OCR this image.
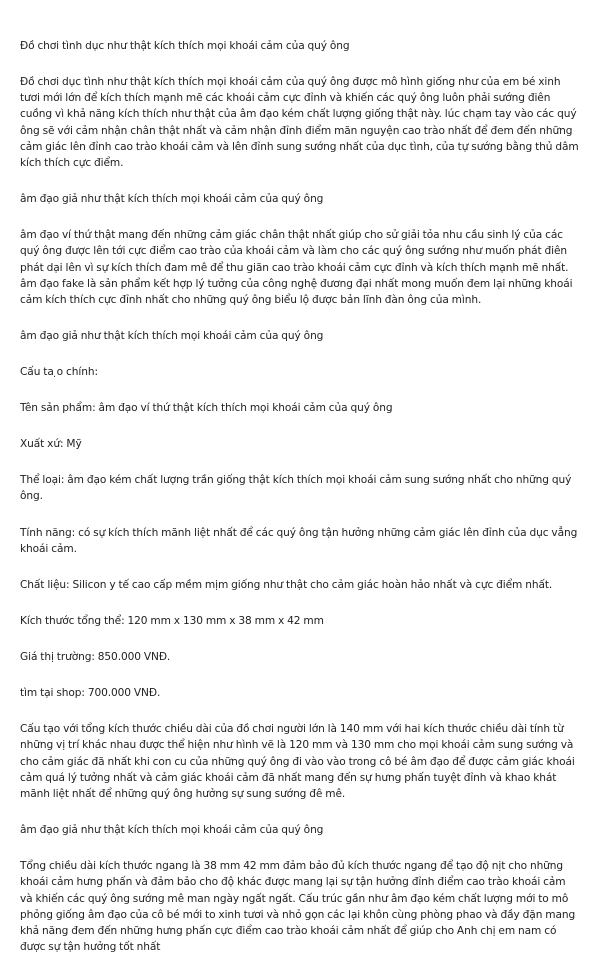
Đồ chơi tình dục như thật kích thích mọi khoái cảm của quý ông

Đồ chơi dục tình như thật kích thích mọi khoái cảm của quý ông được mô hình giống như của em bé xinh tươi mới lớn để kích thích mạnh mẽ các khoái cảm cực đỉnh và khiến các quý ông luôn phải sướng điên cuồng vì khả năng kích thích như thật của âm đạo kém chất lượng giống thật này. lúc chạm tay vào các quý ông sẽ với cảm nhận chân thật nhất và cảm nhận đỉnh điểm mãn nguyện cao trào nhất để đem đến những cảm giác lên đỉnh cao trào khoái cảm và lên đỉnh sung sướng nhất của dục tình, của tự sướng bằng thủ dâm kích thích cực điểm.

âm đạo giả như thật kích thích mọi khoái cảm của quý ông

âm đạo ví thứ thật mang đến những cảm giác chân thật nhất giúp cho sử giải tỏa nhu cầu sinh lý của các quý ông được lên tới cực điểm cao trào của khoái cảm và làm cho các quý ông sướng như muốn phát điên phát dại lên vì sự kích thích đam mê để thu giãn cao trào khoái cảm cực đỉnh và kích thích mạnh mẽ nhất. âm đạo fake là sản phẩm kết hợp lý tưởng của công nghệ đương đại nhất mong muốn đem lại những khoái cảm kích thích cực đỉnh nhất cho những quý ông biểu lộ được bản lĩnh đàn ông của mình.

âm đạo giả như thật kích thích mọi khoái cảm của quý ông

Cấu ta ̣o chính:

Tên sản phẩm: âm đạo ví thứ thật kích thích mọi khoái cảm của quý ông

Xuất xứ: Mỹ

Thể loại: âm đạo kém chất lượng trần giống thật kích thích mọi khoái cảm sung sướng nhất cho những quý ông.

Tính năng: có sự kích thích mãnh liệt nhất để các quý ông tận hưởng những cảm giác lên đỉnh của dục vẳng khoái cảm.

Chất liệu: Silicon y tế cao cấp mềm mịm giống như thật cho cảm giác hoàn hảo nhất và cực điểm nhất.

Kích thước tổng thể: 120 mm x 130 mm x 38 mm x 42 mm

Giá thị trường: 850.000 VNĐ.

tìm tại shop: 700.000 VNĐ.

Cấu tạo với tổng kích thước chiều dài của đồ chơi người lớn là 140 mm với hai kích thước chiều dài tính từ những vị trí khác nhau được thể hiện như hình vẽ là 120 mm và 130 mm cho mọi khoái cảm sung sướng và cho cảm giác đã nhất khi con cu của những quý ông đi vào vào trong cô bé âm đạo để được cảm giác khoái cảm quá lý tưởng nhất và cảm giác khoái cảm đã nhất mang đến sự hưng phấn tuyệt đỉnh và khao khát mãnh liệt nhất để những quý ông hưởng sự sung sướng đê mê.

âm đạo giả như thật kích thích mọi khoái cảm của quý ông

Tổng chiều dài kích thước ngang là 38 mm 42 mm đảm bảo đủ kích thước ngang để tạo độ nịt cho những khoái cảm hưng phấn và đảm bảo cho độ khác được mang lại sự tận hưởng đỉnh điểm cao trào khoái cảm và khiến các quý ông sướng mê man ngày ngất ngất. Cấu trúc gần như âm đạo kém chất lượng mới to mô phỏng giống âm đạo của cô bé mới to xinh tươi và nhỏ gọn các lại khôn cùng phòng phao và đầy đặn mang khả năng đem đến những hưng phấn cực điểm cao trào khoái cảm nhất để giúp cho Anh chị em nam có được sự tận hưởng tốt nhất
